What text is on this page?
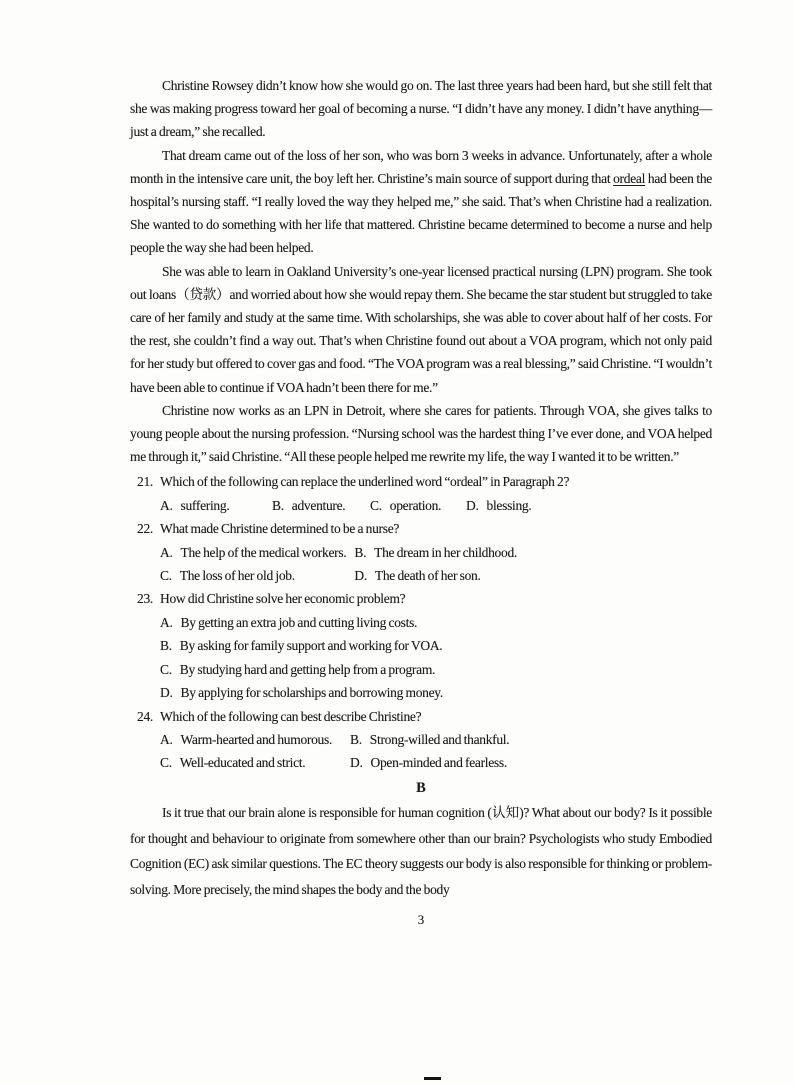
Christine Rowsey didn’t know how she would go on. The last three years had been hard, but she still felt that she was making progress toward her goal of becoming a nurse. “I didn’t have any money. I didn’t have anything—just a dream,” she recalled.

That dream came out of the loss of her son, who was born 3 weeks in advance. Unfortunately, after a whole month in the intensive care unit, the boy left her. Christine’s main source of support during that ordeal had been the hospital’s nursing staff. “I really loved the way they helped me,” she said. That’s when Christine had a realization. She wanted to do something with her life that mattered. Christine became determined to become a nurse and help people the way she had been helped.

She was able to learn in Oakland University’s one-year licensed practical nursing (LPN) program. She took out loans（贷款）and worried about how she would repay them. She became the star student but struggled to take care of her family and study at the same time. With scholarships, she was able to cover about half of her costs. For the rest, she couldn’t find a way out. That’s when Christine found out about a VOA program, which not only paid for her study but offered to cover gas and food. “The VOA program was a real blessing,” said Christine. “I wouldn’t have been able to continue if VOA hadn’t been there for me.”

Christine now works as an LPN in Detroit, where she cares for patients. Through VOA, she gives talks to young people about the nursing profession. “Nursing school was the hardest thing I’ve ever done, and VOA helped me through it,” said Christine. “All these people helped me rewrite my life, the way I wanted it to be written.”

21. Which of the following can replace the underlined word “ordeal” in Paragraph 2?
A. suffering.	B. adventure.	C. operation.	D. blessing.
22. What made Christine determined to be a nurse?
A. The help of the medical workers. B. The dream in her childhood.
C. The loss of her old job.	D. The death of her son.
23. How did Christine solve her economic problem?
A. By getting an extra job and cutting living costs.
B. By asking for family support and working for VOA.
C. By studying hard and getting help from a program.
D. By applying for scholarships and borrowing money.
24. Which of the following can best describe Christine?
A. Warm-hearted and humorous.	B. Strong-willed and thankful.
C. Well-educated and strict.	D. Open-minded and fearless.
B

Is it true that our brain alone is responsible for human cognition (认知)? What about our body? Is it possible for thought and behaviour to originate from somewhere other than our brain? Psychologists who study Embodied Cognition (EC) ask similar questions. The EC theory suggests our body is also responsible for thinking or problem-solving. More precisely, the mind shapes the body and the body

3
